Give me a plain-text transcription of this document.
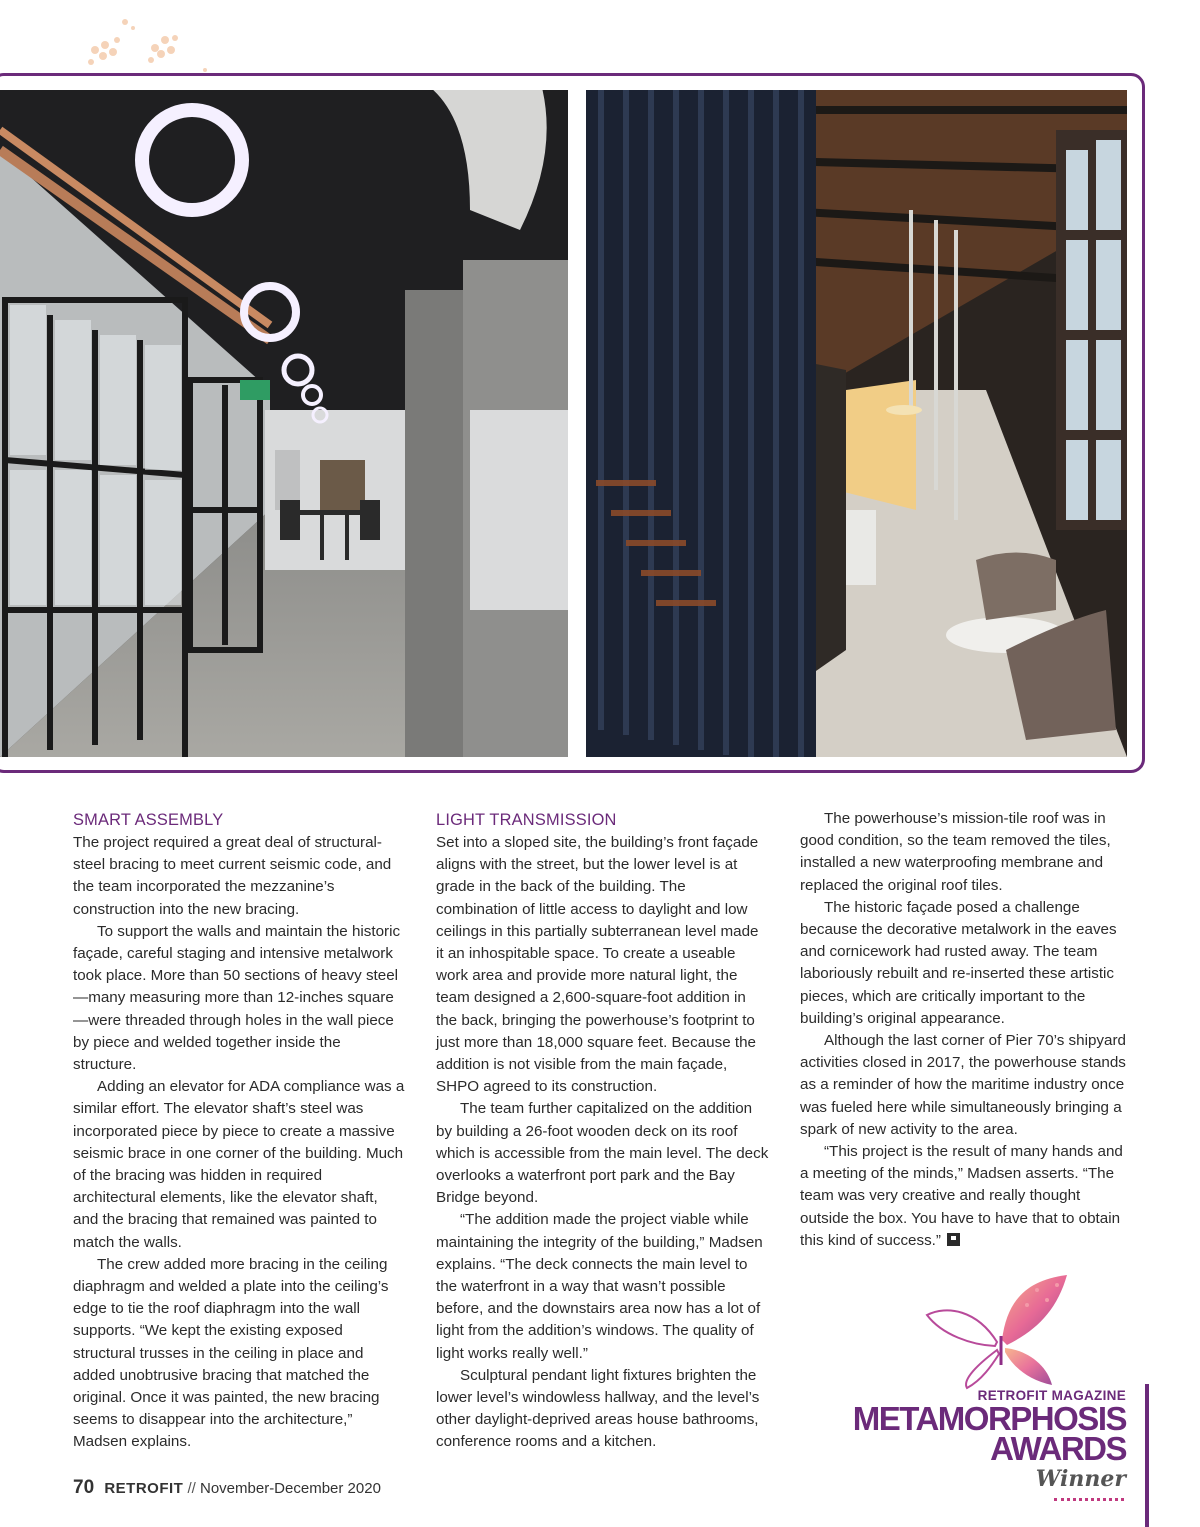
SMART ASSEMBLY

The project required a great deal of structural-steel bracing to meet current seismic code, and the team incorporated the mezzanine’s construction into the new bracing.

To support the walls and maintain the historic façade, careful staging and intensive metalwork took place. More than 50 sections of heavy steel—many measuring more than 12-inches square—were threaded through holes in the wall piece by piece and welded together inside the structure.

Adding an elevator for ADA compliance was a similar effort. The elevator shaft’s steel was incorporated piece by piece to create a massive seismic brace in one corner of the building. Much of the bracing was hidden in required architectural elements, like the elevator shaft, and the bracing that remained was painted to match the walls.

The crew added more bracing in the ceiling diaphragm and welded a plate into the ceiling’s edge to tie the roof diaphragm into the wall supports. “We kept the existing exposed structural trusses in the ceiling in place and added unobtrusive bracing that matched the original. Once it was painted, the new bracing seems to disappear into the architecture,” Madsen explains.

LIGHT TRANSMISSION

Set into a sloped site, the building’s front façade aligns with the street, but the lower level is at grade in the back of the building. The combination of little access to daylight and low ceilings in this partially subterranean level made it an inhospitable space. To create a useable work area and provide more natural light, the team designed a 2,600-square-foot addition in the back, bringing the powerhouse’s footprint to just more than 18,000 square feet. Because the addition is not visible from the main façade, SHPO agreed to its construction.

The team further capitalized on the addition by building a 26-foot wooden deck on its roof which is accessible from the main level. The deck overlooks a waterfront port park and the Bay Bridge beyond.

“The addition made the project viable while maintaining the integrity of the building,” Madsen explains. “The deck connects the main level to the waterfront in a way that wasn’t possible before, and the downstairs area now has a lot of light from the addition’s windows. The quality of light works really well.”

Sculptural pendant light fixtures brighten the lower level’s windowless hallway, and the level’s other daylight-deprived areas house bathrooms, conference rooms and a kitchen.

The powerhouse’s mission-tile roof was in good condition, so the team removed the tiles, installed a new waterproofing membrane and replaced the original roof tiles.

The historic façade posed a challenge because the decorative metalwork in the eaves and cornicework had rusted away. The team laboriously rebuilt and re-inserted these artistic pieces, which are critically important to the building’s original appearance.

Although the last corner of Pier 70’s shipyard activities closed in 2017, the powerhouse stands as a reminder of how the maritime industry once was fueled here while simultaneously bringing a spark of new activity to the area.

“This project is the result of many hands and a meeting of the minds,” Madsen asserts. “The team was very creative and really thought outside the box. You have to have that to obtain this kind of success.”

RETROFIT MAGAZINE
METAMORPHOSIS
AWARDS
Winner
70 RETROFIT // November-December 2020
